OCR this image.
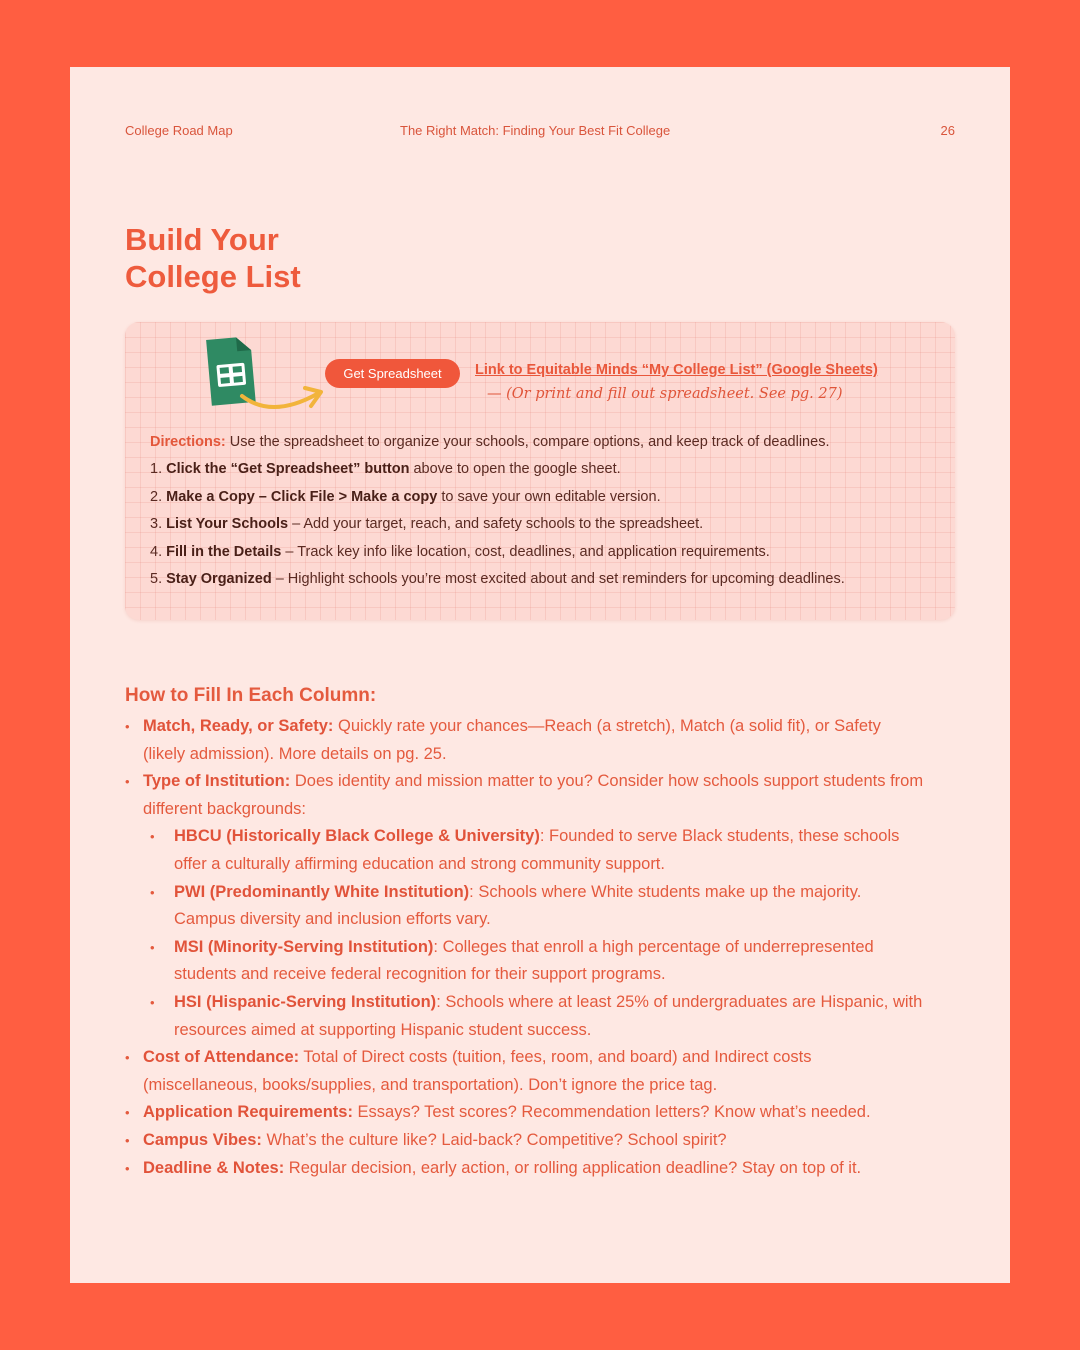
College Road Map	The Right Match: Finding Your Best Fit College	26
Build Your
College List
Get Spreadsheet	Link to Equitable Minds “My College List” (Google Sheets)
— (Or print and fill out spreadsheet. See pg. 27)
Directions: Use the spreadsheet to organize your schools, compare options, and keep track of deadlines.
1. Click the “Get Spreadsheet” button above to open the google sheet.
2. Make a Copy – Click File > Make a copy to save your own editable version.
3. List Your Schools – Add your target, reach, and safety schools to the spreadsheet.
4. Fill in the Details – Track key info like location, cost, deadlines, and application requirements.
5. Stay Organized – Highlight schools you’re most excited about and set reminders for upcoming deadlines.
How to Fill In Each Column:
• Match, Ready, or Safety: Quickly rate your chances—Reach (a stretch), Match (a solid fit), or Safety (likely admission). More details on pg. 25.
• Type of Institution: Does identity and mission matter to you? Consider how schools support students from different backgrounds:
• HBCU (Historically Black College & University): Founded to serve Black students, these schools offer a culturally affirming education and strong community support.
• PWI (Predominantly White Institution): Schools where White students make up the majority. Campus diversity and inclusion efforts vary.
• MSI (Minority-Serving Institution): Colleges that enroll a high percentage of underrepresented students and receive federal recognition for their support programs.
• HSI (Hispanic-Serving Institution): Schools where at least 25% of undergraduates are Hispanic, with resources aimed at supporting Hispanic student success.
• Cost of Attendance: Total of Direct costs (tuition, fees, room, and board) and Indirect costs (miscellaneous, books/supplies, and transportation). Don’t ignore the price tag.
• Application Requirements: Essays? Test scores? Recommendation letters? Know what’s needed.
• Campus Vibes: What’s the culture like? Laid-back? Competitive? School spirit?
• Deadline & Notes: Regular decision, early action, or rolling application deadline? Stay on top of it.
